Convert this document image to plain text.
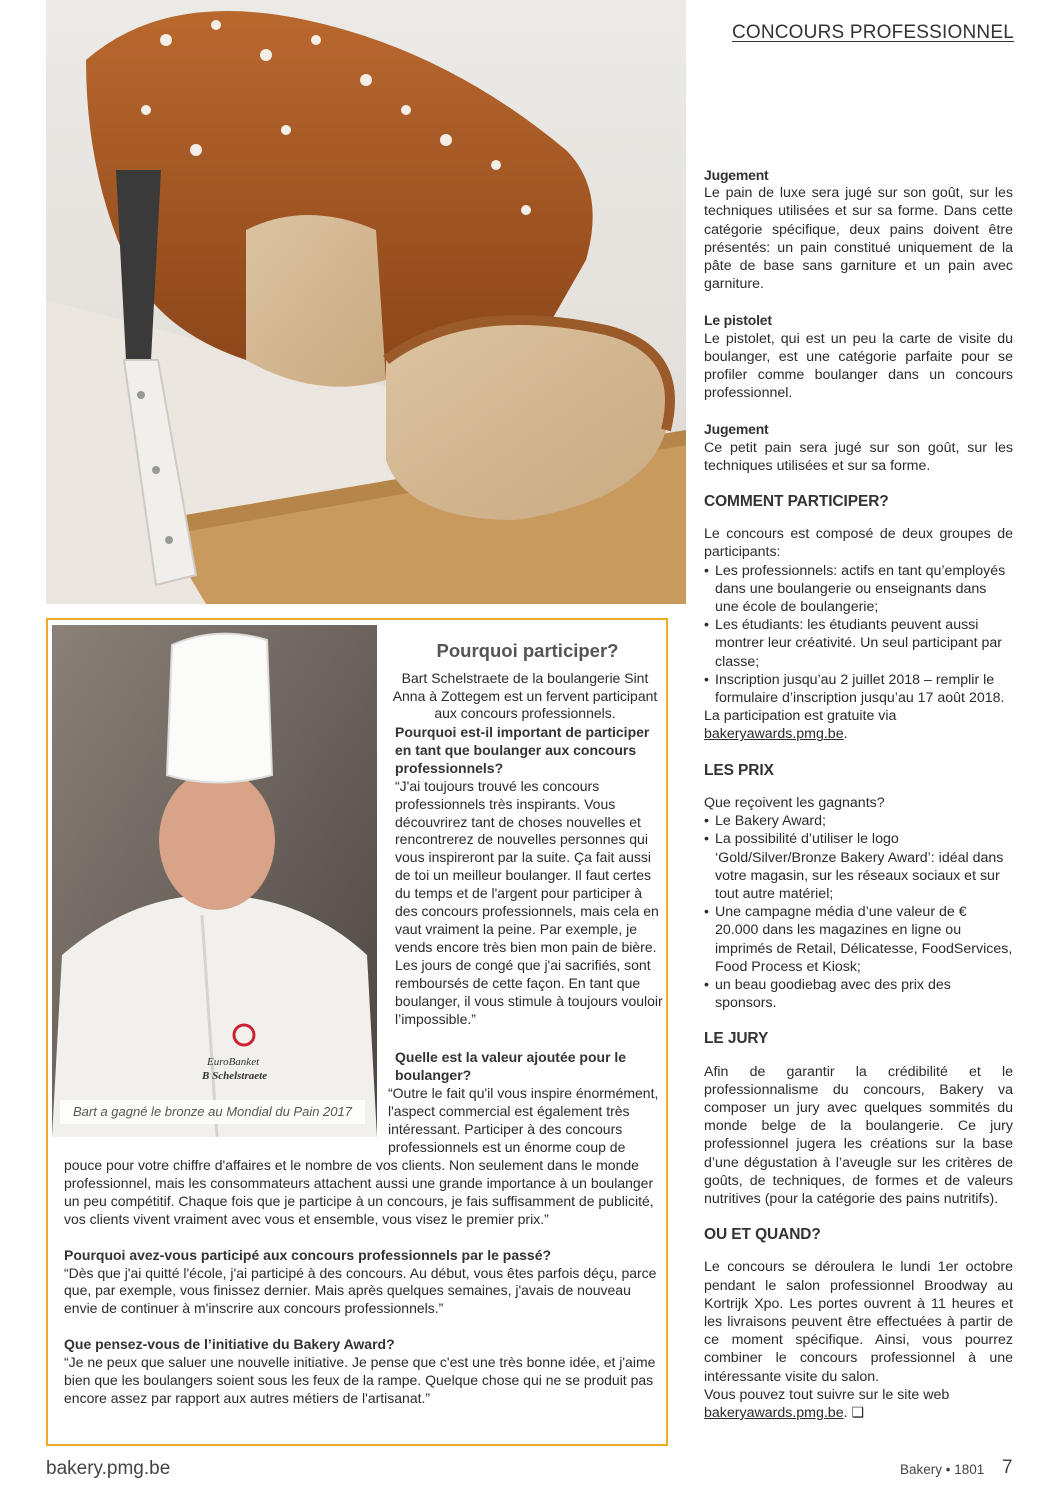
CONCOURS PROFESSIONNEL

Jugement

Le pain de luxe sera jugé sur son goût, sur les techniques utilisées et sur sa forme. Dans cette catégorie spécifique, deux pains doivent être présentés: un pain constitué uniquement de la pâte de base sans garniture et un pain avec garniture.

Le pistolet

Le pistolet, qui est un peu la carte de visite du boulanger, est une catégorie parfaite pour se profiler comme boulanger dans un concours professionnel.

Jugement

Ce petit pain sera jugé sur son goût, sur les techniques utilisées et sur sa forme.

COMMENT PARTICIPER?

Le concours est composé de deux groupes de participants:

• Les professionnels: actifs en tant qu’employés dans une boulangerie ou enseignants dans une école de boulangerie;
• Les étudiants: les étudiants peuvent aussi montrer leur créativité. Un seul participant par classe;
• Inscription jusqu’au 2 juillet 2018 – remplir le formulaire d’inscription jusqu’au 17 août 2018.

La participation est gratuite via
bakeryawards.pmg.be.

LES PRIX

Que reçoivent les gagnants?

• Le Bakery Award;
• La possibilité d’utiliser le logo ‘Gold/Silver/Bronze Bakery Award’: idéal dans votre magasin, sur les réseaux sociaux et sur tout autre matériel;
• Une campagne média d’une valeur de € 20.000 dans les magazines en ligne ou imprimés de Retail, Délicatesse, FoodServices, Food Process et Kiosk;
• un beau goodiebag avec des prix des sponsors.

LE JURY

Afin de garantir la crédibilité et le professionnalisme du concours, Bakery va composer un jury avec quelques sommités du monde belge de la boulangerie. Ce jury professionnel jugera les créations sur la base d’une dégustation à l’aveugle sur les critères de goûts, de techniques, de formes et de valeurs nutritives (pour la catégorie des pains nutritifs).

OU ET QUAND?

Le concours se déroulera le lundi 1er octobre pendant le salon professionnel Broodway au Kortrijk Xpo. Les portes ouvrent à 11 heures et les livraisons peuvent être effectuées à partir de ce moment spécifique. Ainsi, vous pourrez combiner le concours professionnel à une intéressante visite du salon.

Vous pouvez tout suivre sur le site web
bakeryawards.pmg.be. ❑

EuroBanket
B Schelstraete
Bart a gagné le bronze au Mondial du Pain 2017
Pourquoi participer?
Bart Schelstraete de la boulangerie Sint Anna à Zottegem est un fervent participant aux concours professionnels.

Pourquoi est-il important de participer en tant que boulanger aux concours professionnels?

“J'ai toujours trouvé les concours professionnels très inspirants. Vous découvrirez tant de choses nouvelles et rencontrerez de nouvelles personnes qui vous inspireront par la suite. Ça fait aussi de toi un meilleur boulanger. Il faut certes du temps et de l'argent pour participer à des concours professionnels, mais cela en vaut vraiment la peine. Par exemple, je vends encore très bien mon pain de bière. Les jours de congé que j'ai sacrifiés, sont remboursés de cette façon. En tant que boulanger, il vous stimule à toujours vouloir l’impossible.”

Quelle est la valeur ajoutée pour le boulanger?

“Outre le fait qu'il vous inspire énormément, l'aspect commercial est également très intéressant. Participer à des concours professionnels est un énorme coup de

pouce pour votre chiffre d'affaires et le nombre de vos clients. Non seulement dans le monde professionnel, mais les consommateurs attachent aussi une grande importance à un boulanger un peu compétitif. Chaque fois que je participe à un concours, je fais suffisamment de publicité, vos clients vivent vraiment avec vous et ensemble, vous visez le premier prix.”

Pourquoi avez-vous participé aux concours professionnels par le passé?

“Dès que j'ai quitté l'école, j'ai participé à des concours. Au début, vous êtes parfois déçu, parce que, par exemple, vous finissez dernier. Mais après quelques semaines, j'avais de nouveau envie de continuer à m'inscrire aux concours professionnels.”

Que pensez-vous de l’initiative du Bakery Award?

“Je ne peux que saluer une nouvelle initiative. Je pense que c'est une très bonne idée, et j'aime bien que les boulangers soient sous les feux de la rampe. Quelque chose qui ne se produit pas encore assez par rapport aux autres métiers de l'artisanat.”

bakery.pmg.be	Bakery • 1801 7
